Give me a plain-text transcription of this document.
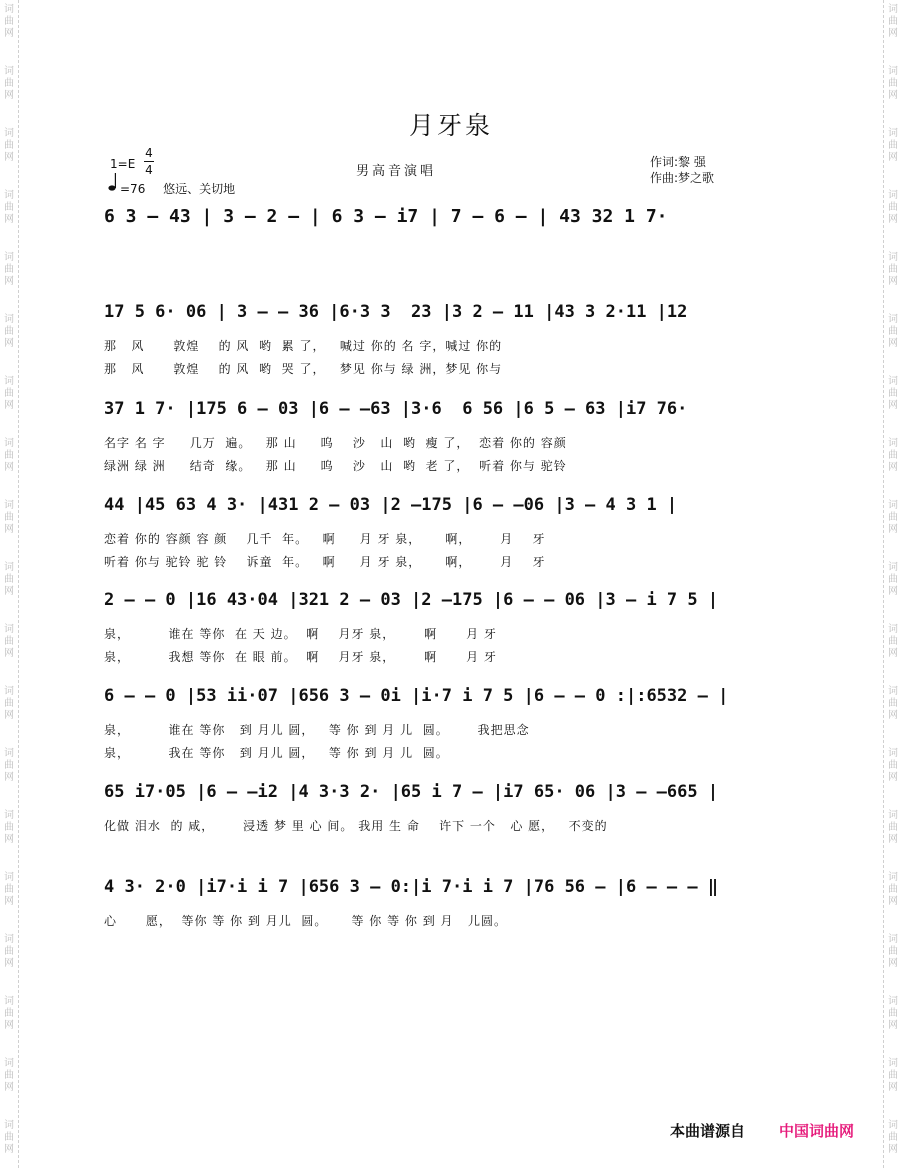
词
曲
网
词
曲
网
词
曲
网
词
曲
网
词
曲
网
词
曲
网
词
曲
网
词
曲
网
词
曲
网
词
曲
网
词
曲
网
词
曲
网
词
曲
网
词
曲
网
词
曲
网
词
曲
网
词
曲
网
词
曲
网
词
曲
网
词
曲
网
词
曲
网
词
曲
网
词
曲
网
词
曲
网
词
曲
网
词
曲
网
词
曲
网
词
曲
网
词
曲
网
词
曲
网
词
曲
网
词
曲
网
词
曲
网
词
曲
网
词
曲
网
词
曲
网
词
曲
网
词
曲
网
月牙泉
1=E
4
4
=76 悠远、关切地
男高音演唱
作词:黎 强
作曲:梦之歌
6 3 — 43 | 3 — 2 — | 6 3 — i7 | 7 — 6 — | 43 32 1 7·
17 5 6· 06 | 3 — — 36 |6·3 3  23 |3 2 — 11 |43 3 2·11 |12
那   风      敦煌    的 风  哟  累 了，   喊过 你的 名 字，喊过 你的
那   风      敦煌    的 风  哟  哭 了，   梦见 你与 绿 洲，梦见 你与
37 1 7· |175 6 — 03 |6 — —63 |3·6  6 56 |6 5 — 63 |i7 76·
名字 名 字     几万  遍。   那 山     呜    沙   山  哟  瘦 了，  恋着 你的 容颜
绿洲 绿 洲     结奇  缘。   那 山     呜    沙   山  哟  老 了，  听着 你与 驼铃
44 |45 63 4 3· |431 2 — 03 |2 —175 |6 — —06 |3 — 4 3 1 |
恋着 你的 容颜 容 颜    几千  年。   啊     月 牙 泉，     啊，      月    牙
听着 你与 驼铃 驼 铃    诉童  年。   啊     月 牙 泉，     啊，      月    牙
2 — — 0 |16 43·04 |321 2 — 03 |2 —175 |6 — — 06 |3 — i 7 5 |
泉，        谁在 等你  在 天 边。  啊    月牙 泉，      啊      月 牙
泉，        我想 等你  在 眼 前。  啊    月牙 泉，      啊      月 牙
6 — — 0 |53 ii·07 |656 3 — 0i |i·7 i 7 5 |6 — — 0 :|:6532 — |
泉，        谁在 等你   到 月儿 圆，   等 你 到 月 儿  圆。      我把思念
泉，        我在 等你   到 月儿 圆，   等 你 到 月 儿  圆。
65 i7·05 |6 — —i2 |4 3·3 2· |65 i 7 — |i7 65· 06 |3 — —665 |
化做 泪水  的 咸，      浸透 梦 里 心 间。 我用 生 命    许下 一个   心 愿，   不变的
4 3· 2·0 |i7·i i 7 |656 3 — 0:|i 7·i i 7 |76 56 — |6 — — — ‖
心      愿，  等你 等 你 到 月儿  圆。     等 你 等 你 到 月   儿圆。
本曲谱源自 中国词曲网
